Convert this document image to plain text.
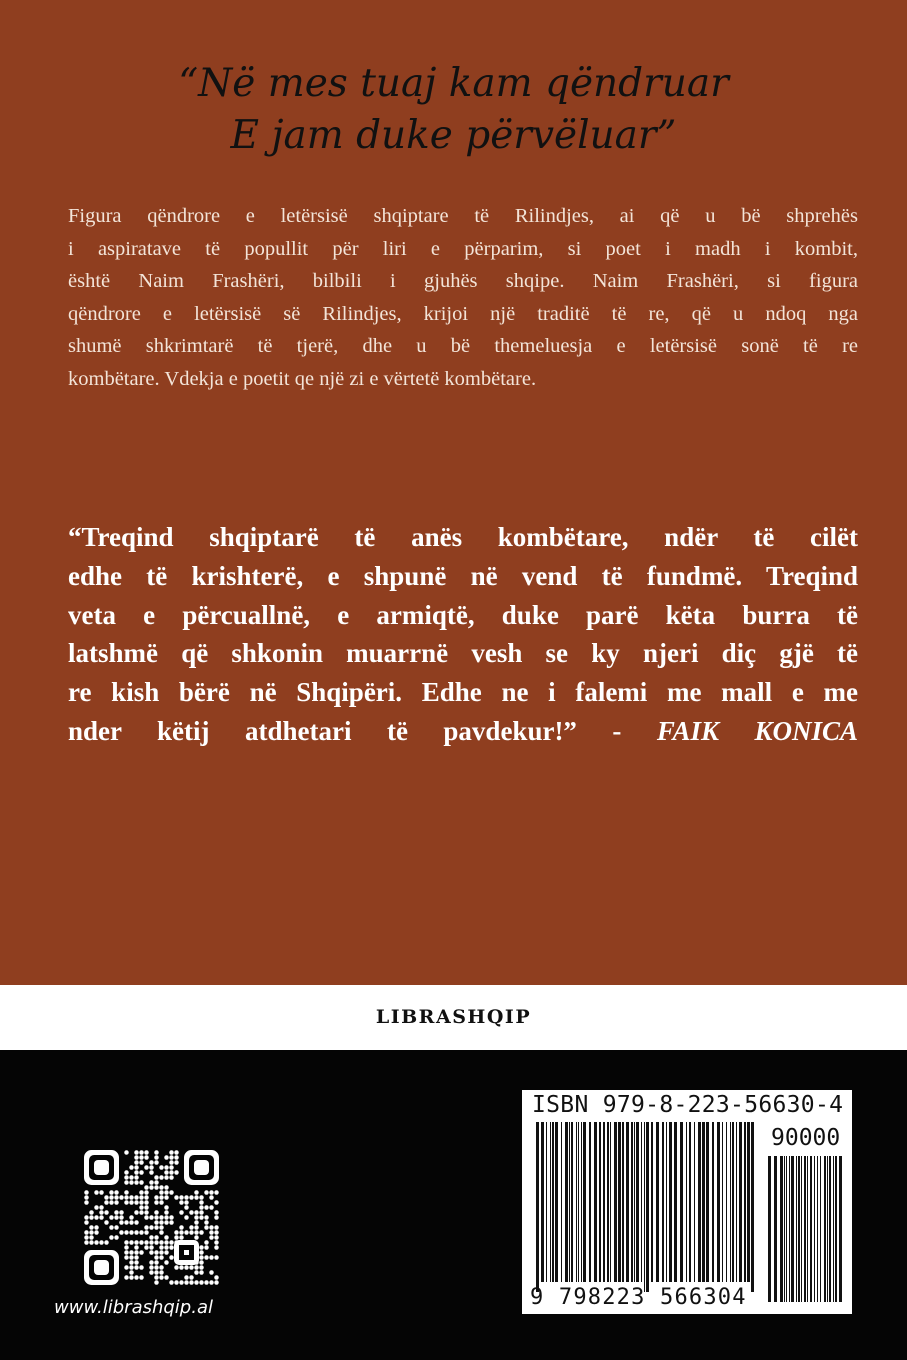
“Në mes tuaj kam qëndruar
E jam duke përvëluar”
Figura qëndrore e letërsisë shqiptare të Rilindjes, ai që u bë shprehës
i aspiratave të popullit për liri e përparim, si poet i madh i kombit,
është Naim Frashëri, bilbili i gjuhës shqipe. Naim Frashëri, si figura
qëndrore e letërsisë së Rilindjes, krijoi një traditë të re, që u ndoq nga
shumë shkrimtarë të tjerë, dhe u bë themeluesja e letërsisë sonë të re
kombëtare. Vdekja e poetit qe një zi e vërtetë kombëtare.
“Treqind shqiptarë të anës kombëtare, ndër të cilët
edhe të krishterë, e shpunë në vend të fundmë. Treqind
veta e përcuallnë, e armiqtë, duke parë këta burra të
latshmë që shkonin muarrnë vesh se ky njeri diç gjë të
re kish bërë në Shqipëri. Edhe ne i falemi me mall e me
nder këtij atdhetari të pavdekur!” - FAIK KONICA
LIBRASHQIP
www.librashqip.al
ISBN 979-8-223-56630-4
90000
9 798223 566304
